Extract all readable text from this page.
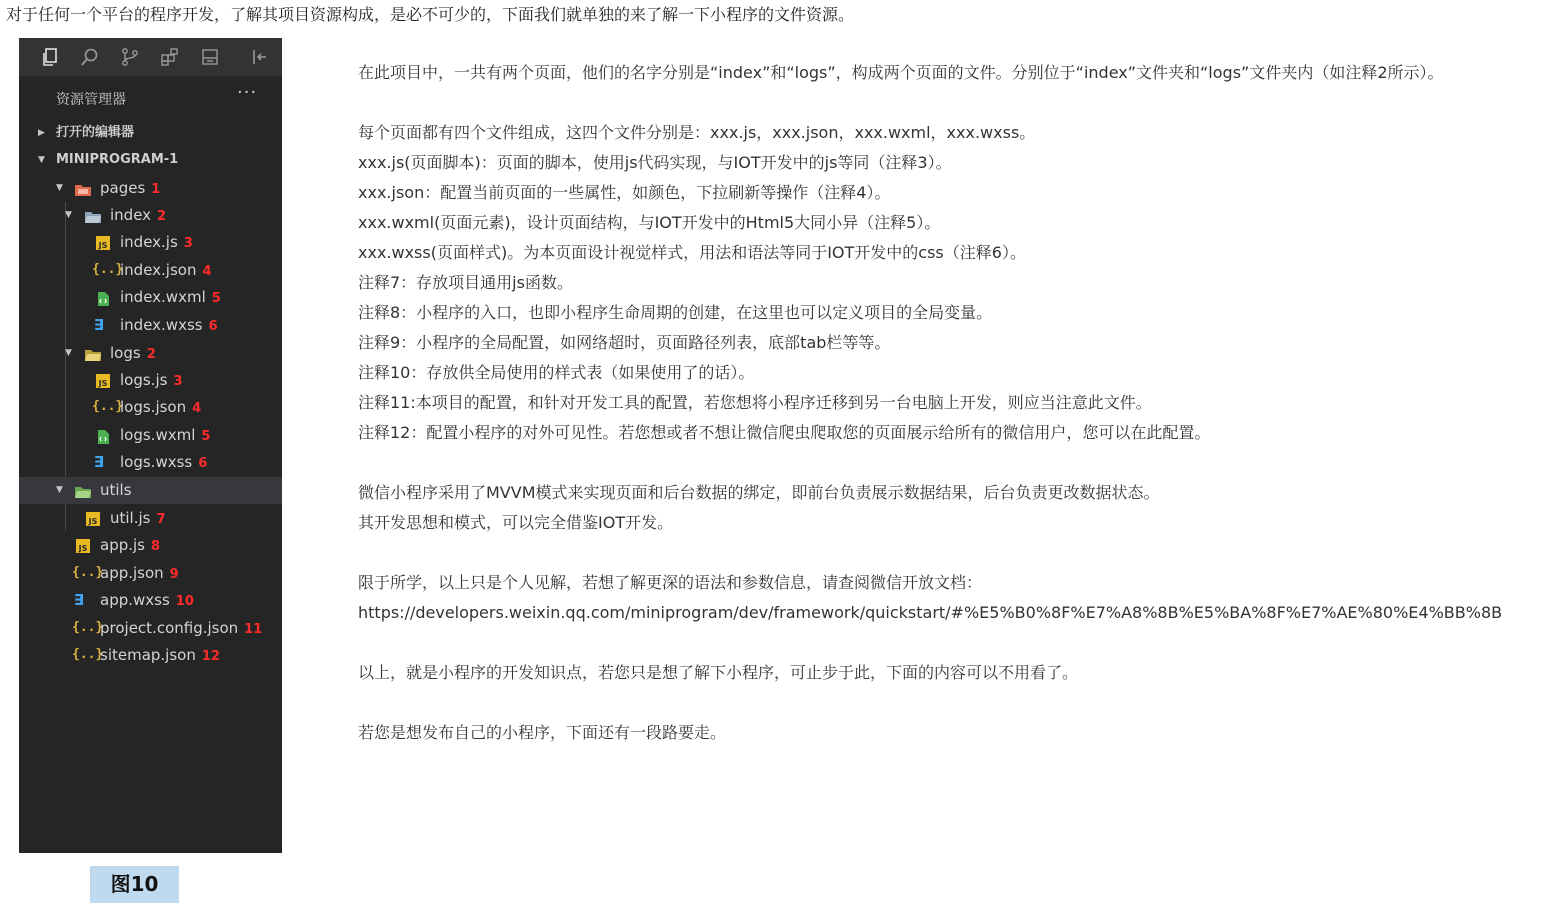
对于任何一个平台的程序开发，了解其项目资源构成，是必不可少的，下面我们就单独的来了解一下小程序的文件资源。
资源管理器	···
▶ 打开的编辑器
▼ MINIPROGRAM-1
▼ pages 1
▼	index 2
JS index.js 3
{..}
index.json 4
index.wxml 5
∃	index.wxss 6
▼	logs 2
JS logs.js 3
{..}
logs.json 4
logs.wxml 5
∃	logs.wxss 6
▼ utils
JS util.js 7
JS app.js 8
{..}
app.json 9
∃	app.wxss 10
{..}
project.config.json 11
{..}
sitemap.json 12
图10
在此项目中，一共有两个页面，他们的名字分别是“index”和“logs”，构成两个页面的文件。分别位于“index”文件夹和“logs”文件夹内（如注释2所示）。
每个页面都有四个文件组成，这四个文件分别是：xxx.js，xxx.json，xxx.wxml，xxx.wxss。
xxx.js(页面脚本)：页面的脚本，使用js代码实现，与IOT开发中的js等同（注释3）。
xxx.json：配置当前页面的一些属性，如颜色，下拉刷新等操作（注释4）。
xxx.wxml(页面元素)，设计页面结构，与IOT开发中的Html5大同小异（注释5）。
xxx.wxss(页面样式)。为本页面设计视觉样式，用法和语法等同于IOT开发中的css（注释6）。
注释7：存放项目通用js函数。
注释8：小程序的入口，也即小程序生命周期的创建，在这里也可以定义项目的全局变量。
注释9：小程序的全局配置，如网络超时，页面路径列表，底部tab栏等等。
注释10：存放供全局使用的样式表（如果使用了的话）。
注释11:本项目的配置，和针对开发工具的配置，若您想将小程序迁移到另一台电脑上开发，则应当注意此文件。
注释12：配置小程序的对外可见性。若您想或者不想让微信爬虫爬取您的页面展示给所有的微信用户，您可以在此配置。
微信小程序采用了MVVM模式来实现页面和后台数据的绑定，即前台负责展示数据结果，后台负责更改数据状态。
其开发思想和模式，可以完全借鉴IOT开发。
限于所学，以上只是个人见解，若想了解更深的语法和参数信息，请查阅微信开放文档：
https://developers.weixin.qq.com/miniprogram/dev/framework/quickstart/#%E5%B0%8F%E7%A8%8B%E5%BA%8F%E7%AE%80%E4%BB%8B
以上，就是小程序的开发知识点，若您只是想了解下小程序，可止步于此，下面的内容可以不用看了。
若您是想发布自己的小程序，下面还有一段路要走。
